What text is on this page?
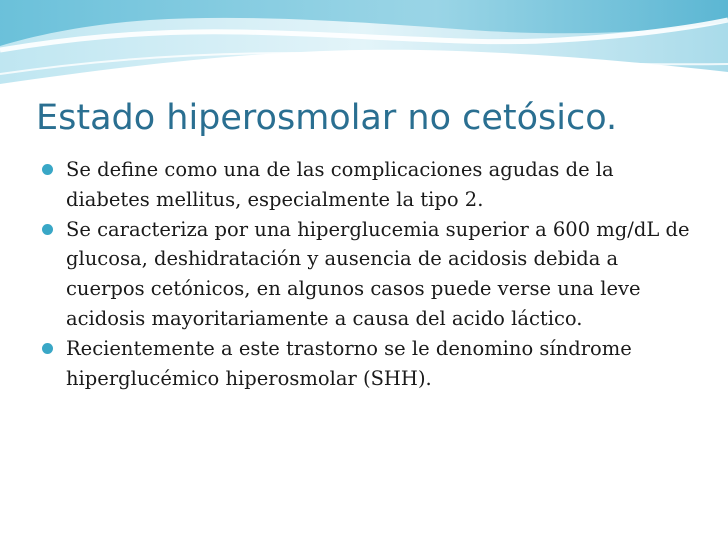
Estado hiperosmolar no cetósico.
Se define como una de las complicaciones agudas de la diabetes mellitus, especialmente la tipo 2.
Se caracteriza por una hiperglucemia superior a 600 mg/dL de glucosa, deshidratación y ausencia de acidosis debida a cuerpos cetónicos, en algunos casos puede verse una leve acidosis mayoritariamente a causa del acido láctico.
Recientemente a este trastorno se le denomino síndrome hiperglucémico hiperosmolar (SHH).
